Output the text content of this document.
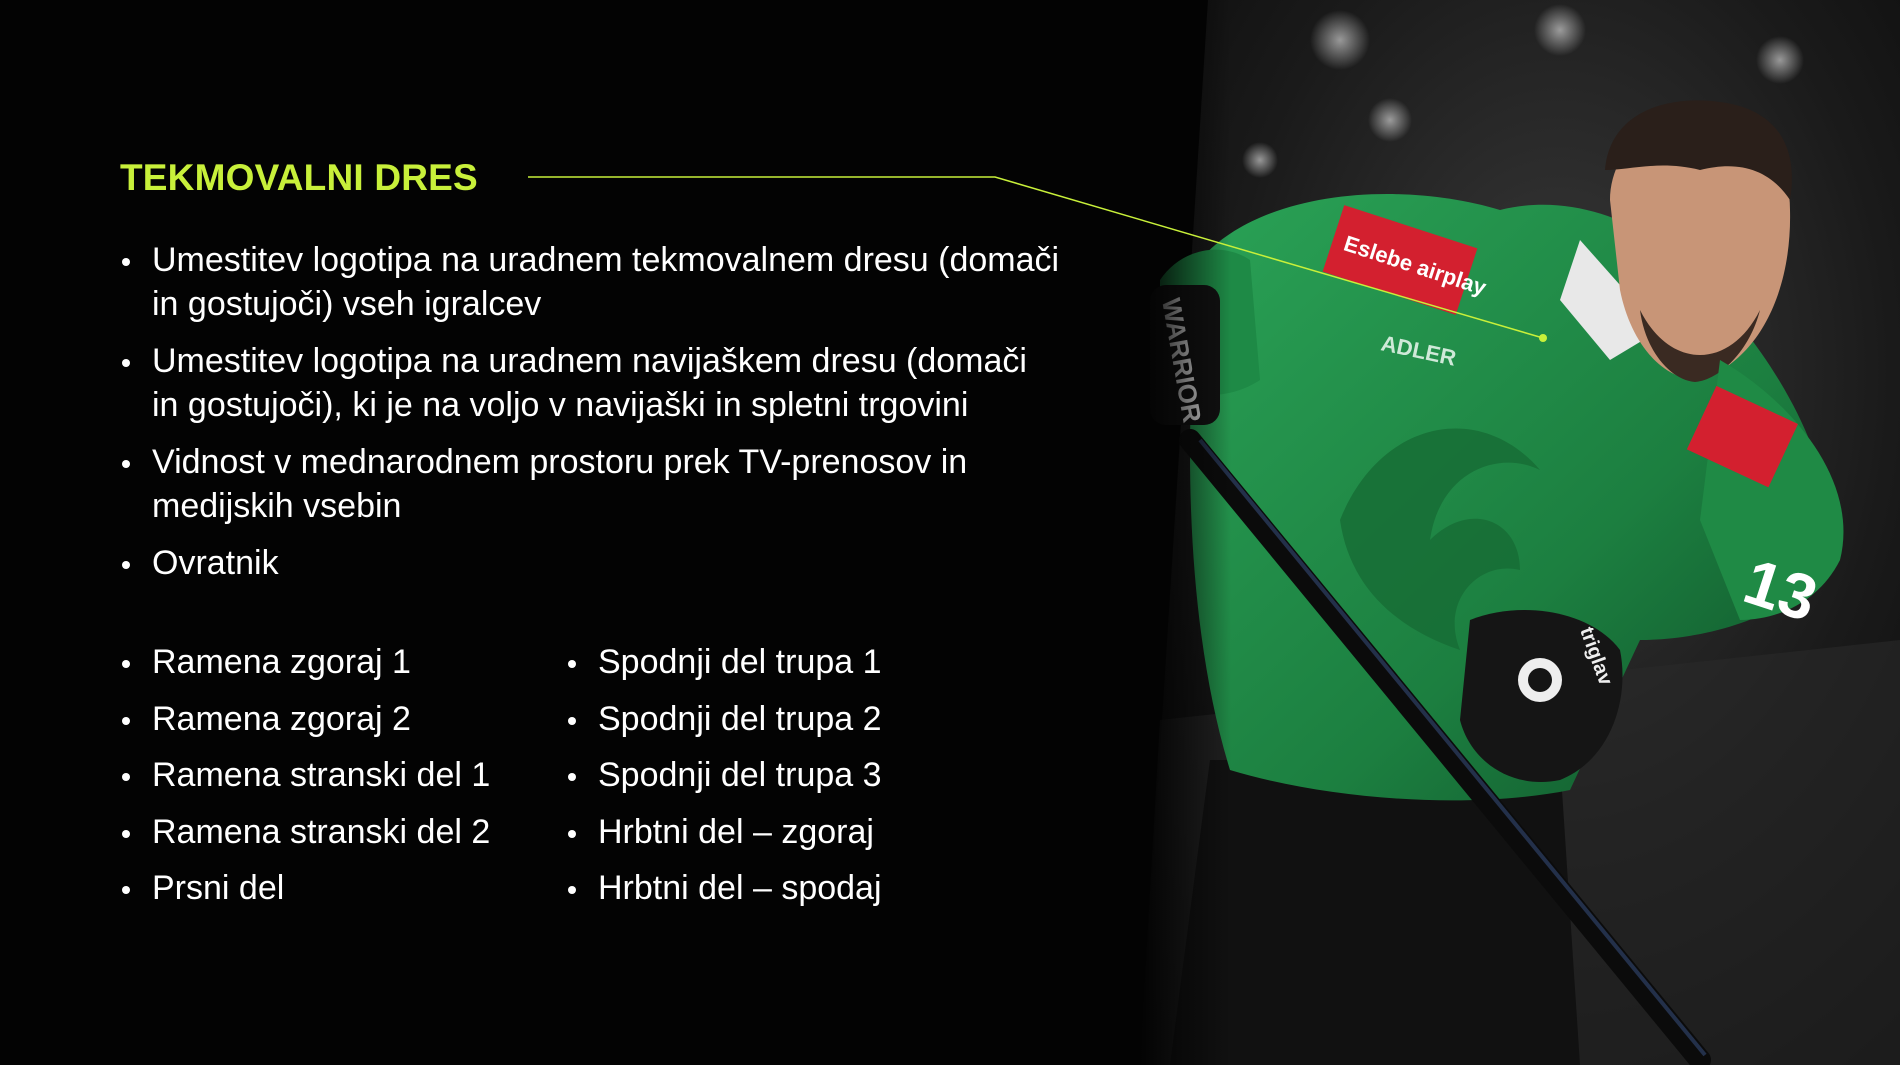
TEKMOVALNI DRES
Umestitev logotipa na uradnem tekmovalnem dresu (domači in gostujoči) vseh igralcev
Umestitev logotipa na uradnem navijaškem dresu (domači in gostujoči), ki je na voljo v navijaški in spletni trgovini
Vidnost v mednarodnem prostoru prek TV-prenosov in medijskih vsebin
Ovratnik
Ramena zgoraj 1
Ramena zgoraj 2
Ramena stranski del 1
Ramena stranski del 2
Prsni del
Spodnji del trupa 1
Spodnji del trupa 2
Spodnji del trupa 3
Hrbtni del – zgoraj
Hrbtni del – spodaj
